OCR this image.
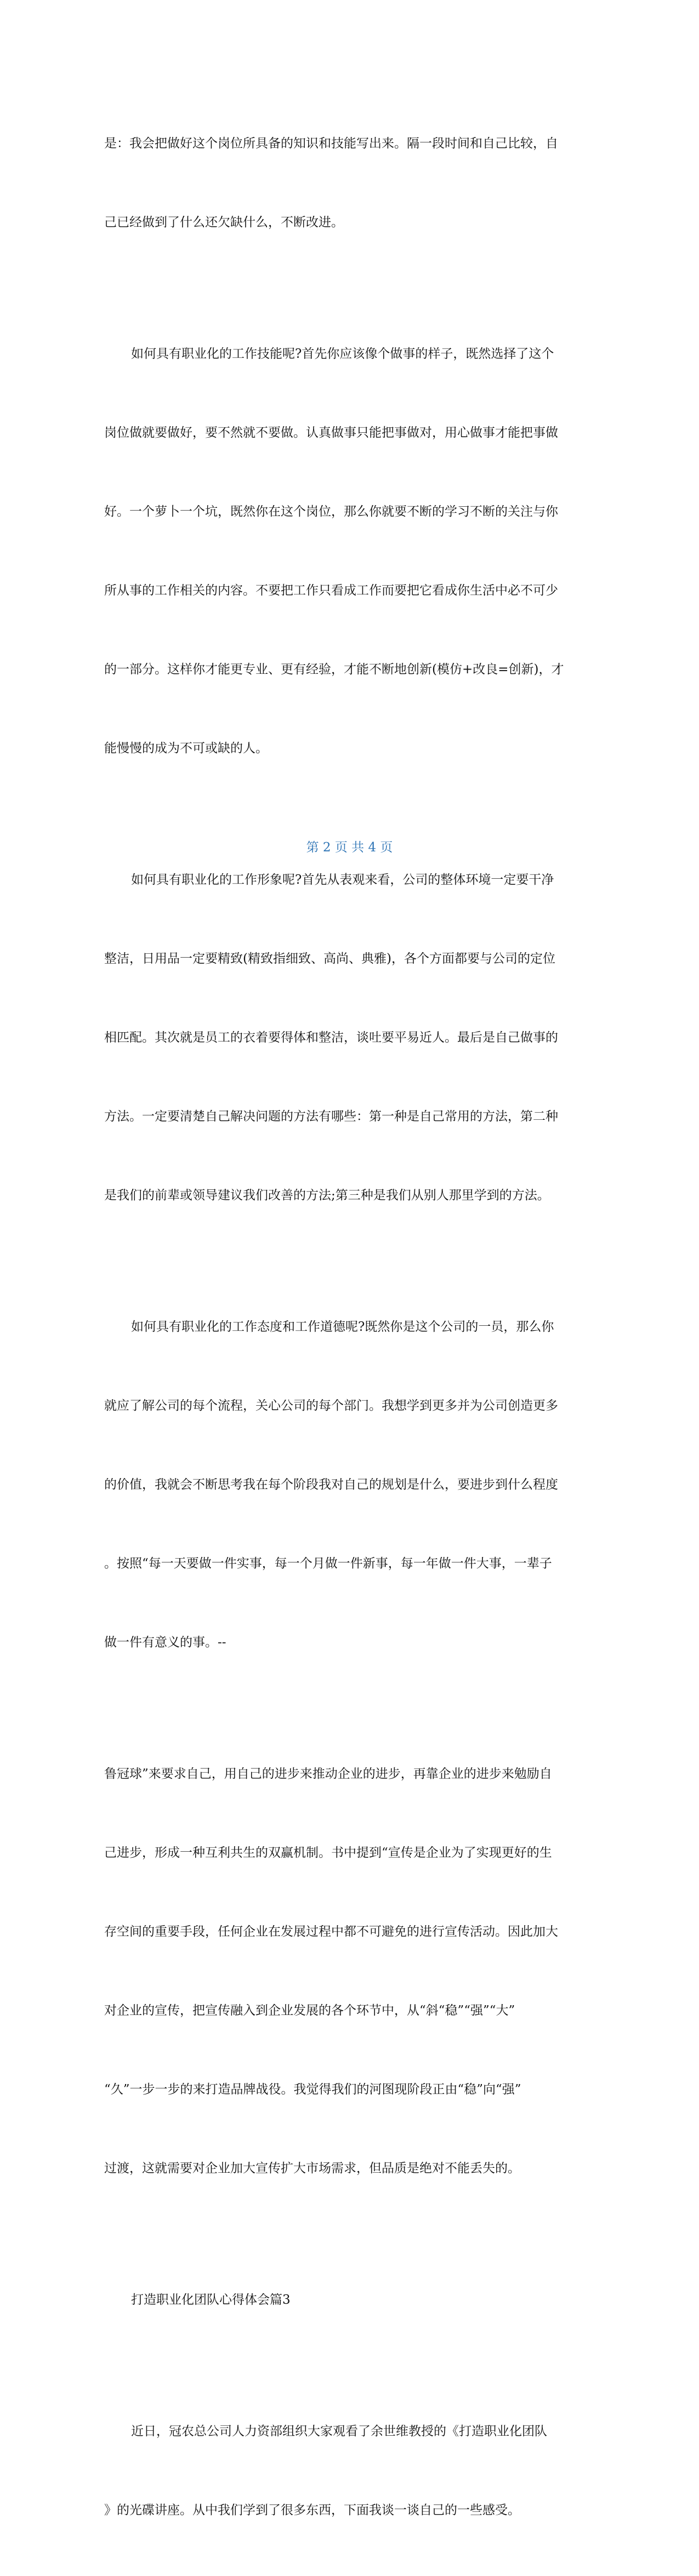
是：我会把做好这个岗位所具备的知识和技能写出来。隔一段时间和自己比较，自

己已经做到了什么还欠缺什么，不断改进。

如何具有职业化的工作技能呢?首先你应该像个做事的样子，既然选择了这个

岗位做就要做好，要不然就不要做。认真做事只能把事做对，用心做事才能把事做

好。一个萝卜一个坑，既然你在这个岗位，那么你就要不断的学习不断的关注与你

所从事的工作相关的内容。不要把工作只看成工作而要把它看成你生活中必不可少

的一部分。这样你才能更专业、更有经验，才能不断地创新(模仿+改良=创新)，才

能慢慢的成为不可或缺的人。

如何具有职业化的工作形象呢?首先从表观来看，公司的整体环境一定要干净

整洁，日用品一定要精致(精致指细致、高尚、典雅)，各个方面都要与公司的定位

相匹配。其次就是员工的衣着要得体和整洁，谈吐要平易近人。最后是自己做事的

方法。一定要清楚自己解决问题的方法有哪些：第一种是自己常用的方法，第二种

是我们的前辈或领导建议我们改善的方法;第三种是我们从别人那里学到的方法。

如何具有职业化的工作态度和工作道德呢?既然你是这个公司的一员，那么你

就应了解公司的每个流程，关心公司的每个部门。我想学到更多并为公司创造更多

的价值，我就会不断思考我在每个阶段我对自己的规划是什么，要进步到什么程度

。按照“每一天要做一件实事，每一个月做一件新事，每一年做一件大事，一辈子

做一件有意义的事。--

鲁冠球”来要求自己，用自己的进步来推动企业的进步，再靠企业的进步来勉励自

己进步，形成一种互利共生的双赢机制。书中提到“宣传是企业为了实现更好的生

存空间的重要手段，任何企业在发展过程中都不可避免的进行宣传活动。因此加大

对企业的宣传，把宣传融入到企业发展的各个环节中，从“斜“稳”“强”“大”

“久”一步一步的来打造品牌战役。我觉得我们的河图现阶段正由“稳”向“强”

过渡，这就需要对企业加大宣传扩大市场需求，但品质是绝对不能丢失的。

打造职业化团队心得体会篇3

近日，冠农总公司人力资部组织大家观看了余世维教授的《打造职业化团队

》的光碟讲座。从中我们学到了很多东西，下面我谈一谈自己的一些感受。

第 2 页 共 4 页
